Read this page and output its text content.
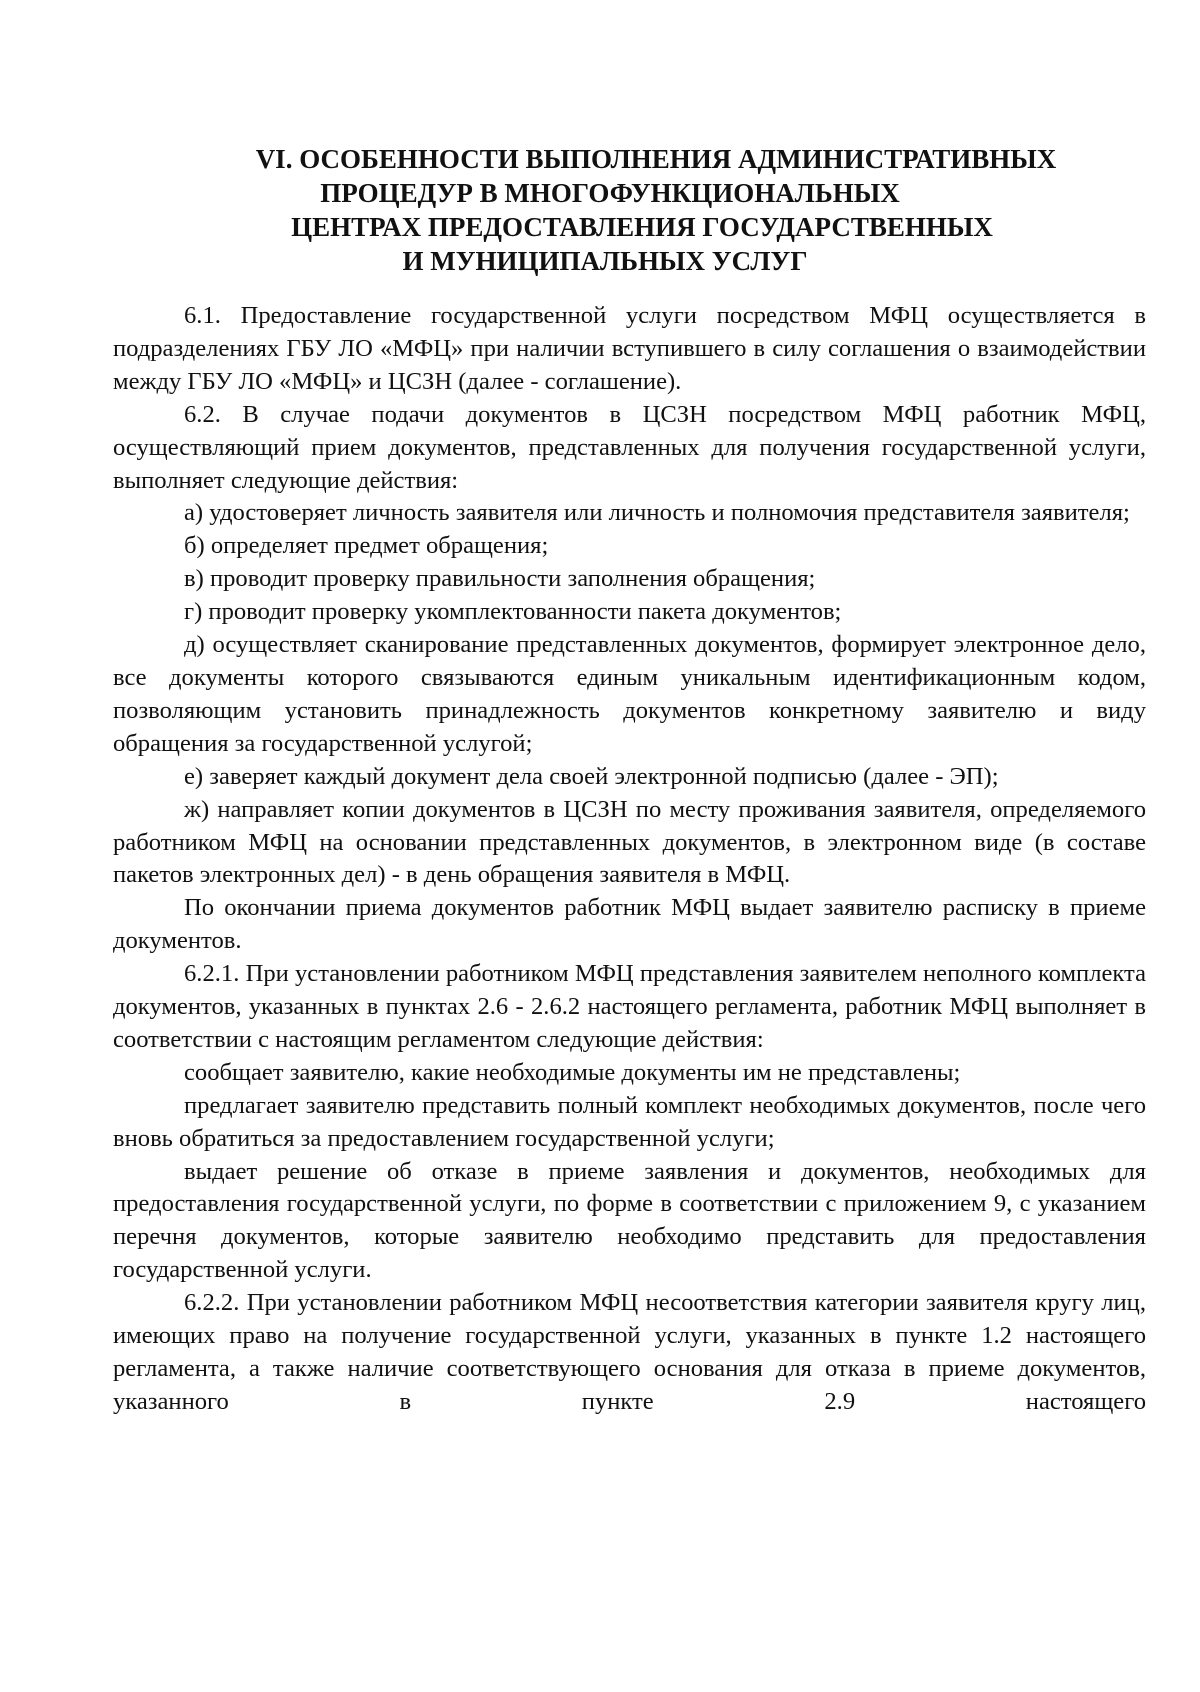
VI. ОСОБЕННОСТИ ВЫПОЛНЕНИЯ АДМИНИСТРАТИВНЫХ
ПРОЦЕДУР В МНОГОФУНКЦИОНАЛЬНЫХ
ЦЕНТРАХ ПРЕДОСТАВЛЕНИЯ ГОСУДАРСТВЕННЫХ
И МУНИЦИПАЛЬНЫХ УСЛУГ

6.1. Предоставление государственной услуги посредством МФЦ осуществляется в подразделениях ГБУ ЛО «МФЦ» при наличии вступившего в силу соглашения о взаимодействии между ГБУ ЛО «МФЦ» и ЦСЗН (далее - соглашение).

6.2. В случае подачи документов в ЦСЗН посредством МФЦ работник МФЦ, осуществляющий прием документов, представленных для получения государственной услуги, выполняет следующие действия:

а) удостоверяет личность заявителя или личность и полномочия представителя заявителя;

б) определяет предмет обращения;

в) проводит проверку правильности заполнения обращения;

г) проводит проверку укомплектованности пакета документов;

д) осуществляет сканирование представленных документов, формирует электронное дело, все документы которого связываются единым уникальным идентификационным кодом, позволяющим установить принадлежность документов конкретному заявителю и виду обращения за государственной услугой;

е) заверяет каждый документ дела своей электронной подписью (далее - ЭП);

ж) направляет копии документов в ЦСЗН по месту проживания заявителя, определяемого работником МФЦ на основании представленных документов, в электронном виде (в составе пакетов электронных дел) - в день обращения заявителя в МФЦ.

По окончании приема документов работник МФЦ выдает заявителю расписку в приеме документов.

6.2.1. При установлении работником МФЦ представления заявителем неполного комплекта документов, указанных в пунктах 2.6 - 2.6.2 настоящего регламента, работник МФЦ выполняет в соответствии с настоящим регламентом следующие действия:

сообщает заявителю, какие необходимые документы им не представлены;

предлагает заявителю представить полный комплект необходимых документов, после чего вновь обратиться за предоставлением государственной услуги;

выдает решение об отказе в приеме заявления и документов, необходимых для предоставления государственной услуги, по форме в соответствии с приложением 9, с указанием перечня документов, которые заявителю необходимо представить для предоставления государственной услуги.

6.2.2. При установлении работником МФЦ несоответствия категории заявителя кругу лиц, имеющих право на получение государственной услуги, указанных в пункте 1.2 настоящего регламента, а также наличие соответствующего основания для отказа в приеме документов, указанного в пункте 2.9 настоящего
